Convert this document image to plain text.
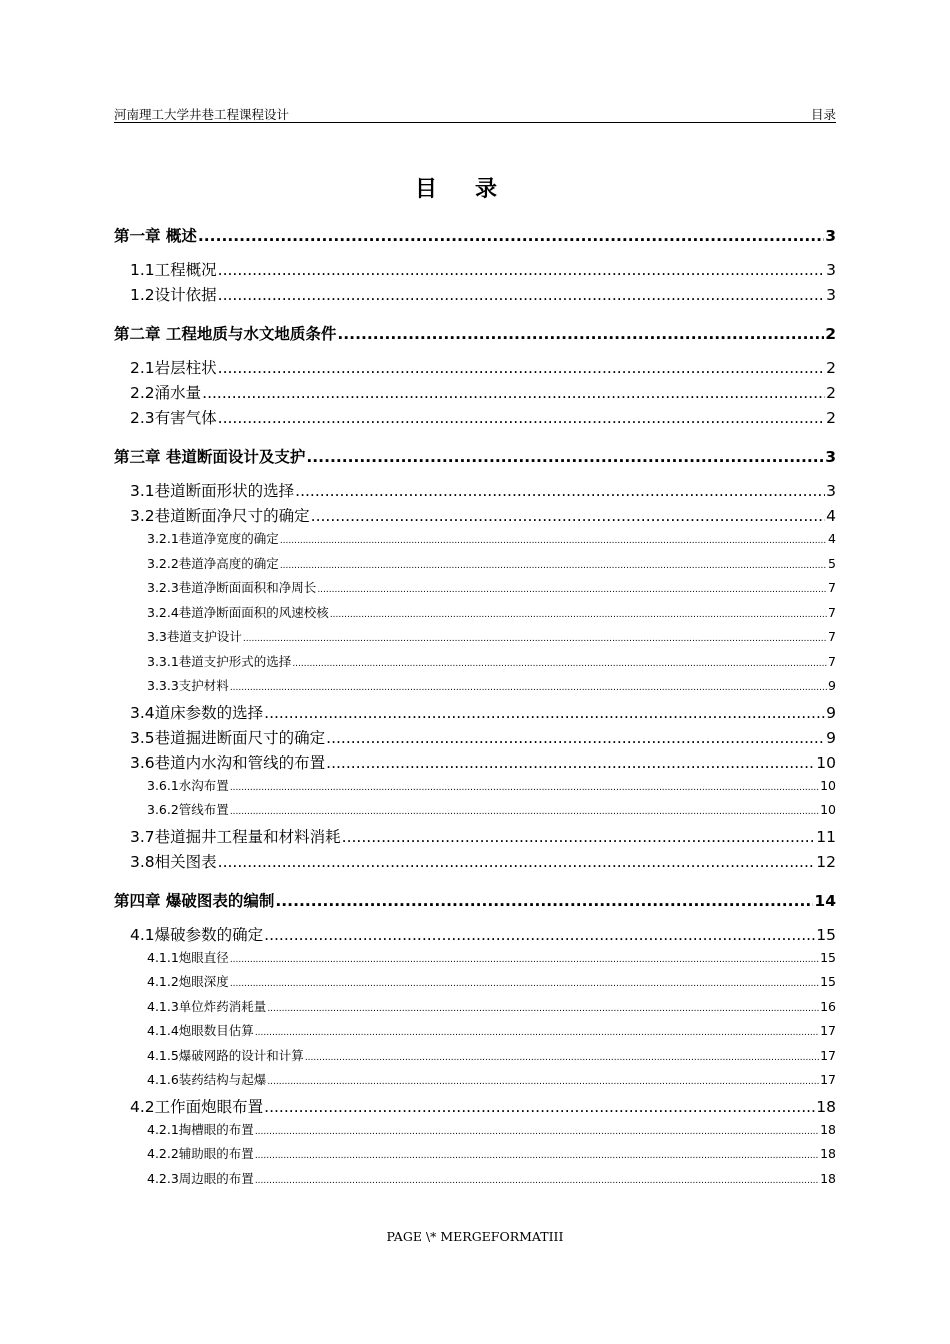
河南理工大学井巷工程课程设计	目录
目录
第一章 概述 .....	3
1.1工程概况 .....	3
1.2设计依据 .....	3
第二章 工程地质与水文地质条件 .....	2
2.1岩层柱状 .....	2
2.2涌水量 .....	2
2.3有害气体 .....	2
第三章 巷道断面设计及支护 .....	3
3.1巷道断面形状的选择 .....	3
3.2巷道断面净尺寸的确定 .....	4
3.2.1巷道净宽度的确定 .....	4
3.2.2巷道净高度的确定 .....	5
3.2.3巷道净断面面积和净周长 .....	7
3.2.4巷道净断面面积的风速校核 .....	7
3.3巷道支护设计 .....	7
3.3.1巷道支护形式的选择 .....	7
3.3.3支护材料 .....	9
3.4道床参数的选择 .....	9
3.5巷道掘进断面尺寸的确定 .....	9
3.6巷道内水沟和管线的布置 .....	10
3.6.1水沟布置 .....	10
3.6.2管线布置 .....	10
3.7巷道掘井工程量和材料消耗 .....	11
3.8相关图表 .....	12
第四章 爆破图表的编制 .....	14
4.1爆破参数的确定 .....	15
4.1.1炮眼直径 .....	15
4.1.2炮眼深度 .....	15
4.1.3单位炸药消耗量 .....	16
4.1.4炮眼数目估算 .....	17
4.1.5爆破网路的设计和计算 .....	17
4.1.6装药结构与起爆 .....	17
4.2工作面炮眼布置 .....	18
4.2.1掏槽眼的布置 .....	18
4.2.2辅助眼的布置 .....	18
4.2.3周边眼的布置 .....	18
PAGE \* MERGEFORMATIII
